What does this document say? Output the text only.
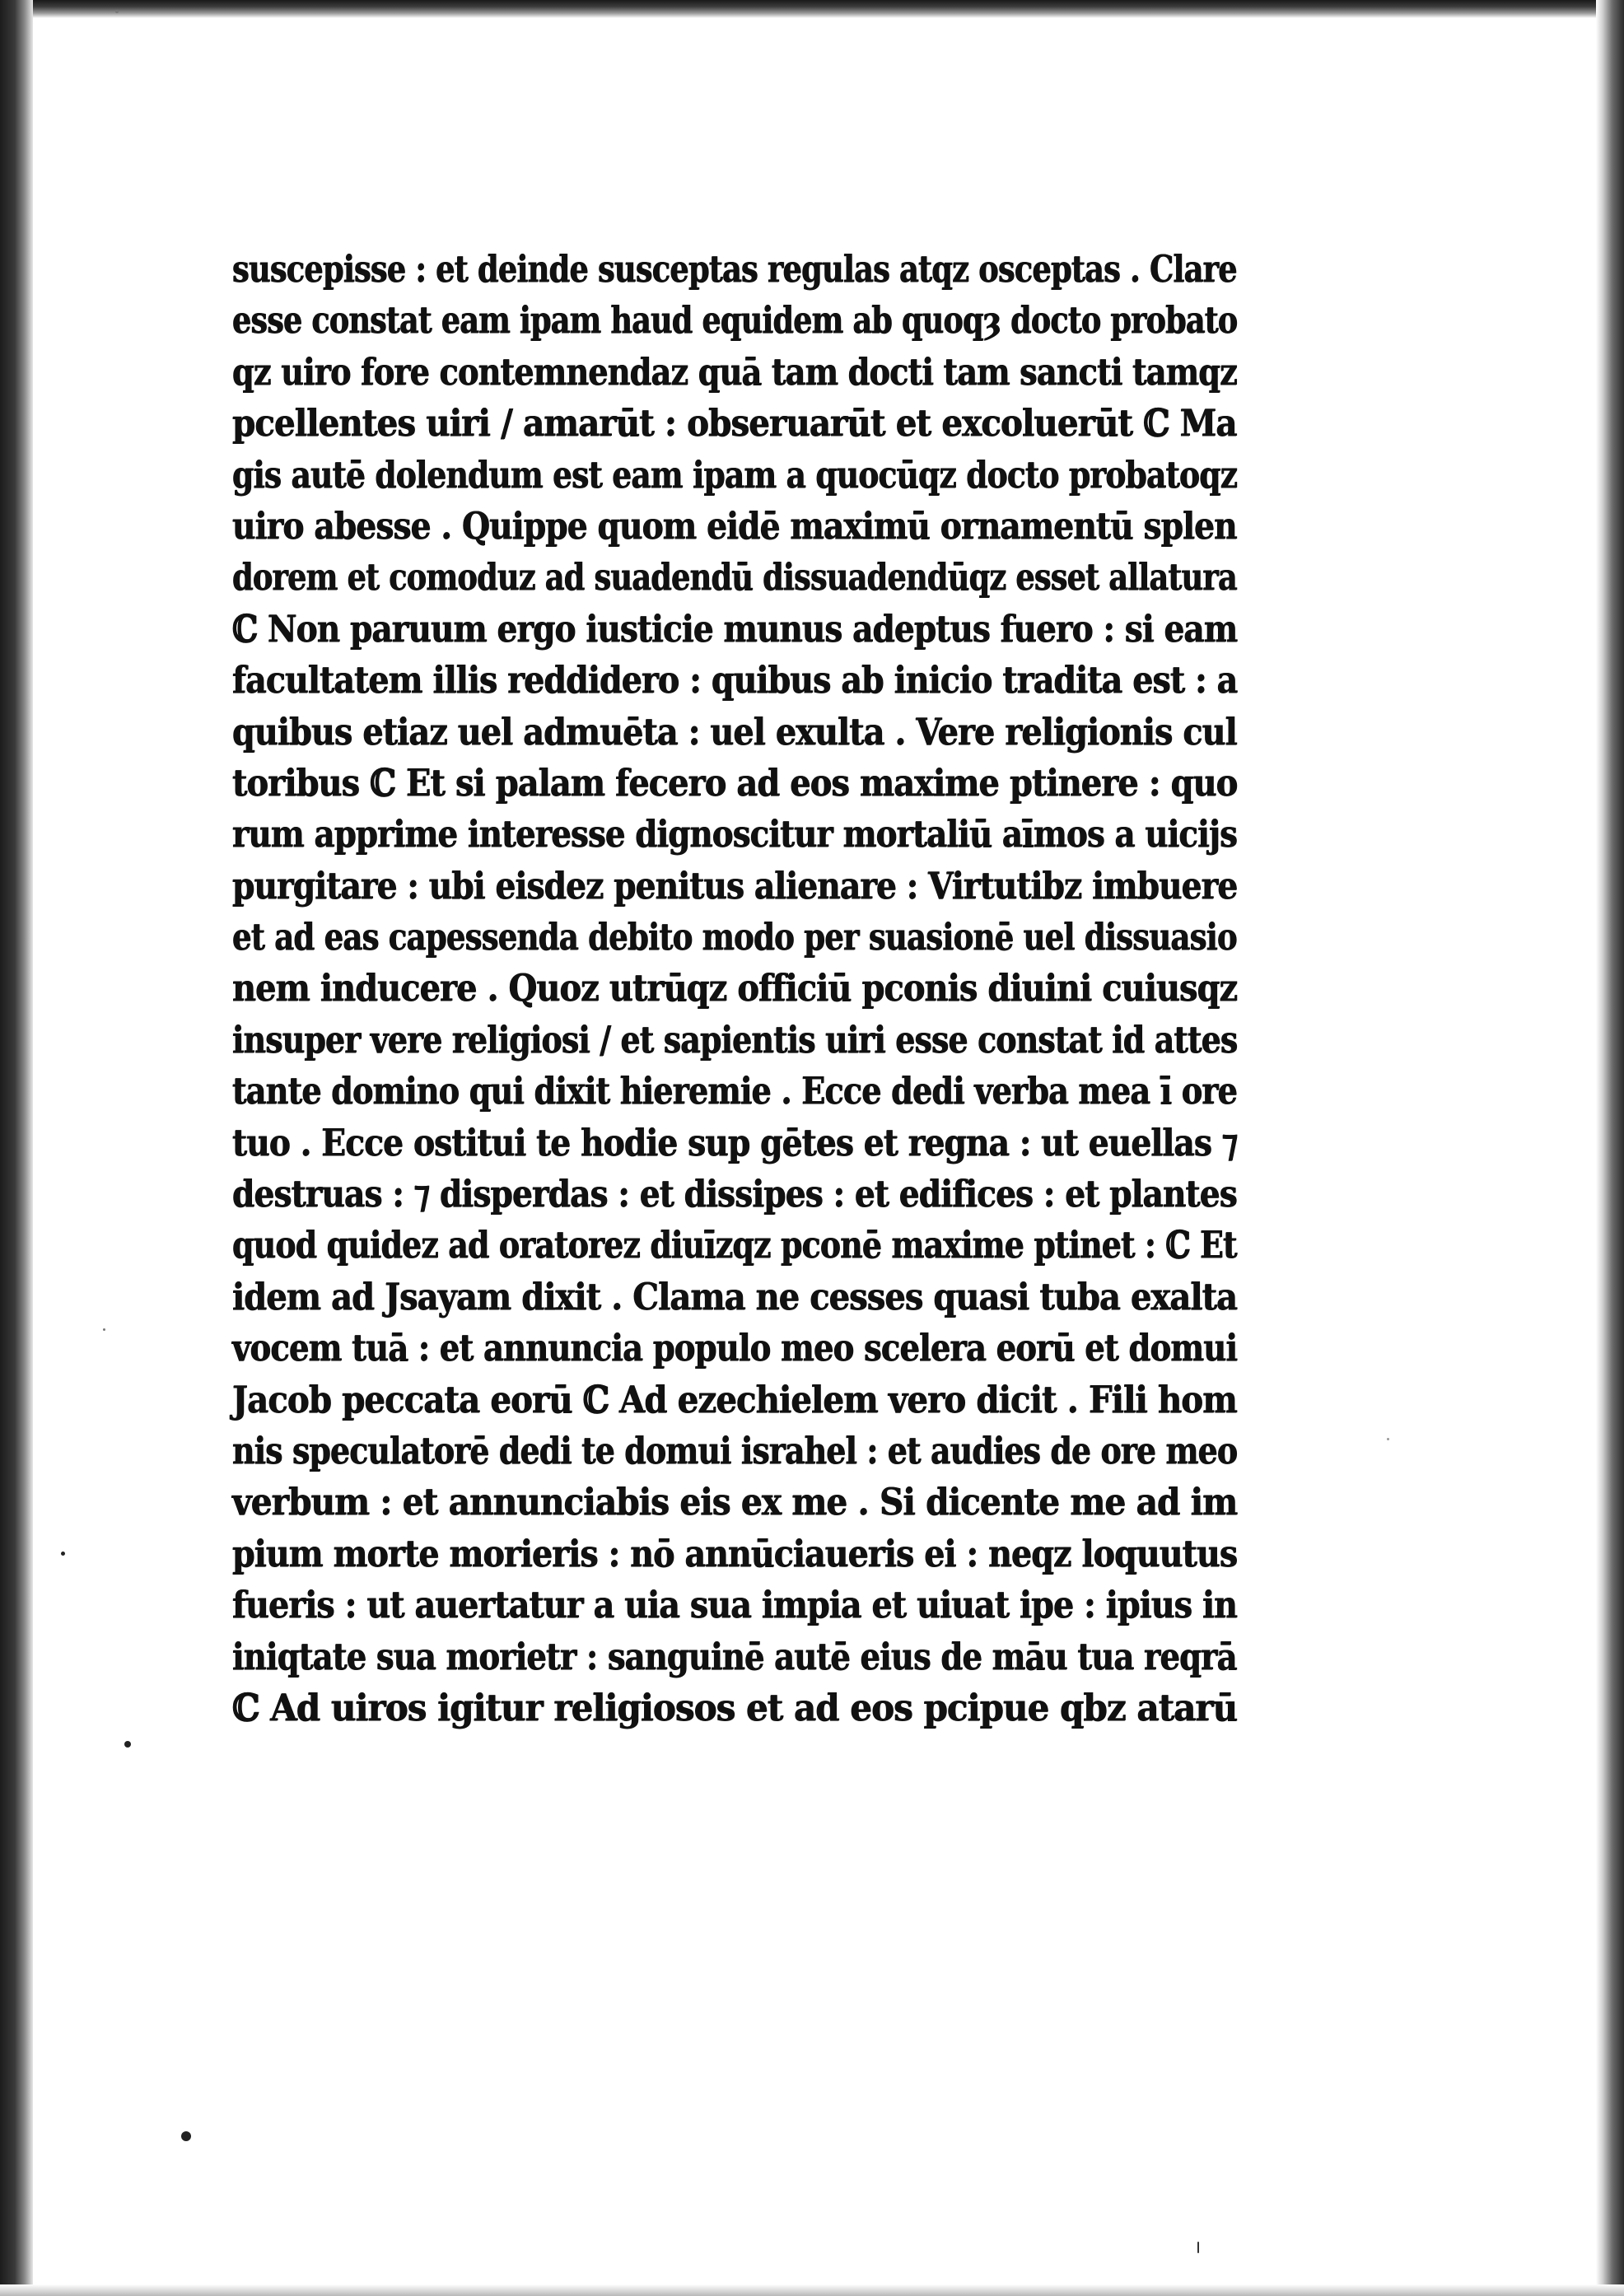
suscepisse : et deinde susceptas regulas atqz osceptas . Clare
esse constat eam ipam haud equidem ab quoqȝ docto probato
qz uiro fore contemnendaz quā tam docti tam sancti tamqz
pcellentes uiri / amarūt : obseruarūt et excoluerūt ℂ Ma
gis autē dolendum est eam ipam a quocūqz docto probatoqz
uiro abesse . Quippe quom eidē maximū ornamentū splen
dorem et comoduz ad suadendū dissuadendūqz esset allatura
ℂ Non paruum ergo iusticie munus adeptus fuero : si eam
facultatem illis reddidero : quibus ab inicio tradita est : a
quibus etiaz uel admuēta : uel exulta . Vere religionis cul
toribus ℂ Et si palam fecero ad eos maxime ptinere : quo
rum apprime interesse dignoscitur mortaliū aīmos a uicijs
purgitare : ubi eisdez penitus alienare : Virtutibz imbuere
et ad eas capessenda debito modo per suasionē uel dissuasio
nem inducere . Quoz utrūqz officiū pconis diuini cuiusqz
insuper vere religiosi / et sapientis uiri esse constat id attes
tante domino qui dixit hieremie . Ecce dedi verba mea ī ore
tuo . Ecce ostitui te hodie sup gētes et regna : ut euellas ⁊
destruas : ⁊ disperdas : et dissipes : et edifices : et plantes
quod quidez ad oratorez diuīzqz pconē maxime ptinet : ℂ Et
idem ad Jsayam dixit . Clama ne cesses quasi tuba exalta
vocem tuā : et annuncia populo meo scelera eorū et domui
Jacob peccata eorū ℂ Ad ezechielem vero dicit . Fili hom
nis speculatorē dedi te domui israhel : et audies de ore meo
verbum : et annunciabis eis ex me . Si dicente me ad im
pium morte morieris : nō annūciaueris ei : neqz loquutus
fueris : ut auertatur a uia sua impia et uiuat ipe : ipius in
iniqtate sua morietr : sanguinē autē eius de māu tua reqrā
ℂ Ad uiros igitur religiosos et ad eos pcipue qbz atarū
